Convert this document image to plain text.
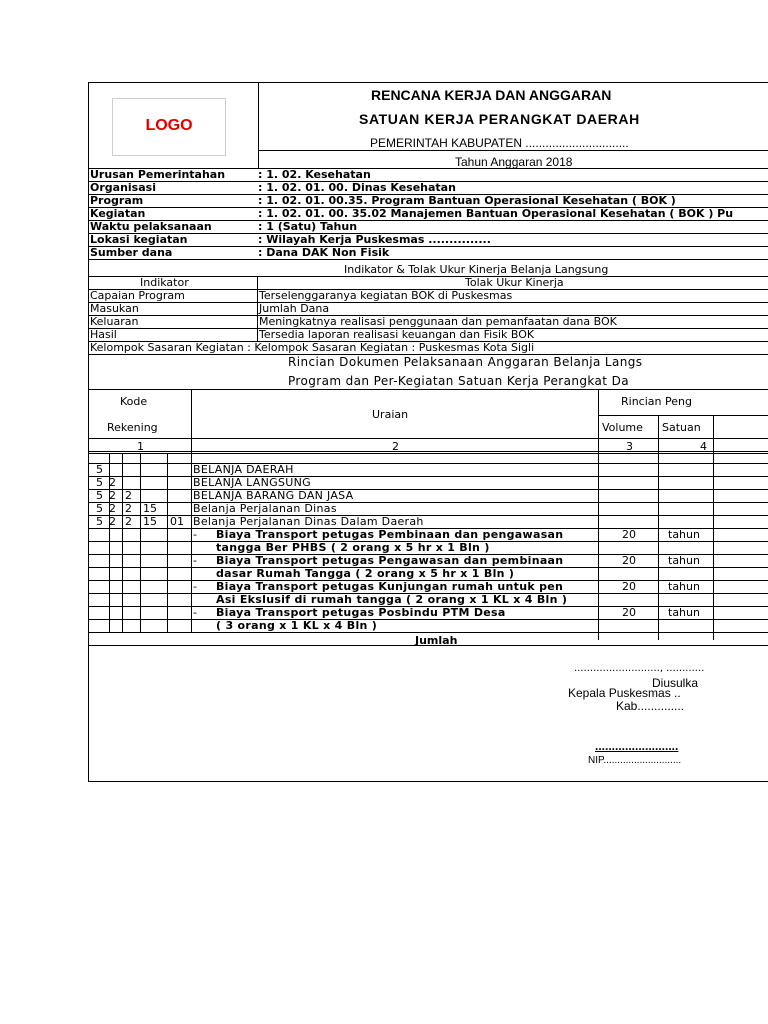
LOGO
RENCANA KERJA DAN ANGGARAN
SATUAN KERJA PERANGKAT DAERAH
PEMERINTAH KABUPATEN ...............................
Tahun Anggaran 2018
Urusan Pemerintahan	: 1. 02. Kesehatan
Organisasi	: 1. 02. 01. 00. Dinas Kesehatan
Program	: 1. 02. 01. 00.35. Program Bantuan Operasional Kesehatan ( BOK )
Kegiatan	: 1. 02. 01. 00. 35.02 Manajemen Bantuan Operasional Kesehatan ( BOK ) Pu
Waktu pelaksanaan	: 1 (Satu) Tahun
Lokasi kegiatan	: Wilayah Kerja Puskesmas ...............
Sumber dana	: Dana DAK Non Fisik
Indikator & Tolak Ukur Kinerja Belanja Langsung
Indikator	Tolak Ukur Kinerja
Capaian Program	Terselenggaranya kegiatan BOK di Puskesmas
Masukan	Jumlah Dana
Keluaran	Meningkatnya realisasi penggunaan dan pemanfaatan dana BOK
Hasil	Tersedia laporan realisasi keuangan dan Fisik BOK
Kelompok Sasaran Kegiatan : Kelompok Sasaran Kegiatan : Puskesmas Kota Sigli
Rincian Dokumen Pelaksanaan Anggaran Belanja Langs
Program dan Per-Kegiatan Satuan Kerja Perangkat Da
Kode
Rekening
Uraian
Rincian Peng
Volume Satuan
1	2	3	4
5	BELANJA DAERAH
5 2	BELANJA LANGSUNG
5 2 2	BELANJA BARANG DAN JASA
5 2 2 15	Belanja Perjalanan Dinas
5 2 2 15 01 Belanja Perjalanan Dinas Dalam Daerah
- Biaya Transport petugas Pembinaan dan pengawasan	20	tahun
tangga Ber PHBS ( 2 orang x 5 hr x 1 Bln )
- Biaya Transport petugas Pengawasan dan pembinaan	20	tahun
dasar Rumah Tangga ( 2 orang x 5 hr x 1 Bln )
- Biaya Transport petugas Kunjungan rumah untuk pen	20	tahun
Asi Ekslusif di rumah tangga ( 2 orang x 1 KL x 4 Bln )
- Biaya Transport petugas Posbindu PTM Desa	20	tahun
( 3 orang x 1 KL x 4 Bln )
Jumlah
..........................., ............
Diusulka
Kepala Puskesmas ..
Kab..............
.........................
NIP............................
